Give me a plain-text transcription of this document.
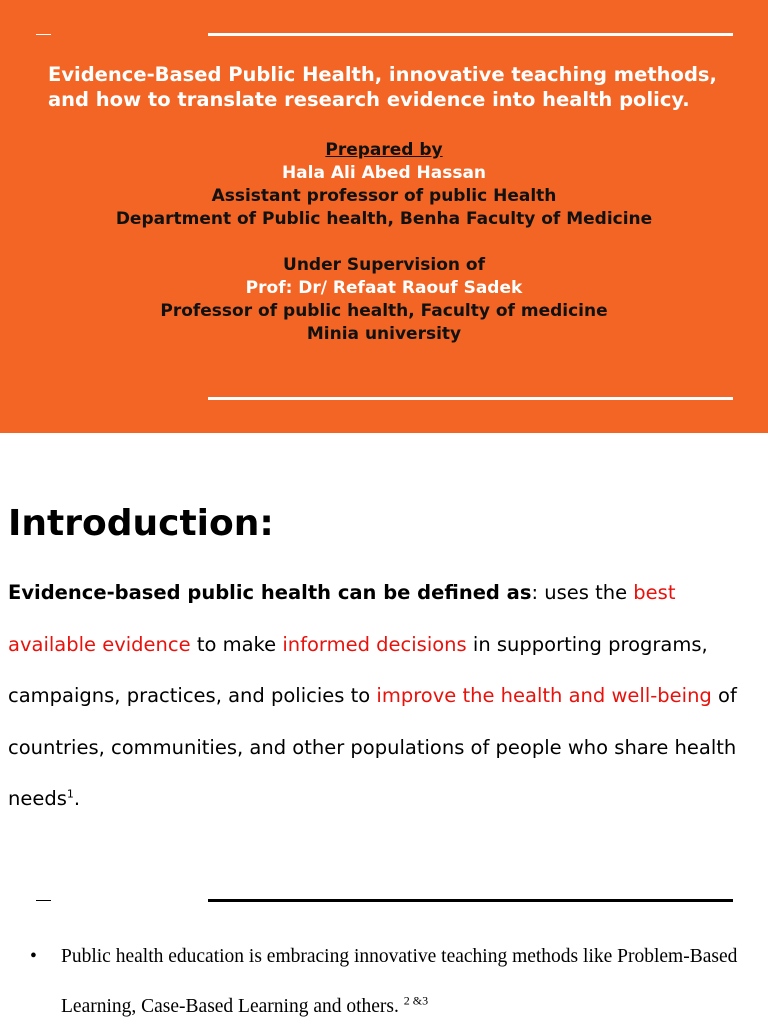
Evidence-Based Public Health, innovative teaching methods, and how to translate research evidence into health policy.
Prepared by
Hala Ali Abed Hassan
Assistant professor of public Health
Department of Public health, Benha Faculty of Medicine
Under Supervision of
Prof: Dr/ Refaat Raouf Sadek
Professor of public health, Faculty of medicine
Minia university
Introduction:

Evidence-based public health can be defined as: uses the best available evidence to make informed decisions in supporting programs, campaigns, practices, and policies to improve the health and well-being of countries, communities, and other populations of people who share health needs$^1$.

• Public health education is embracing innovative teaching methods like Problem-Based Learning, Case-Based Learning and others. $^{2 \&3}$
